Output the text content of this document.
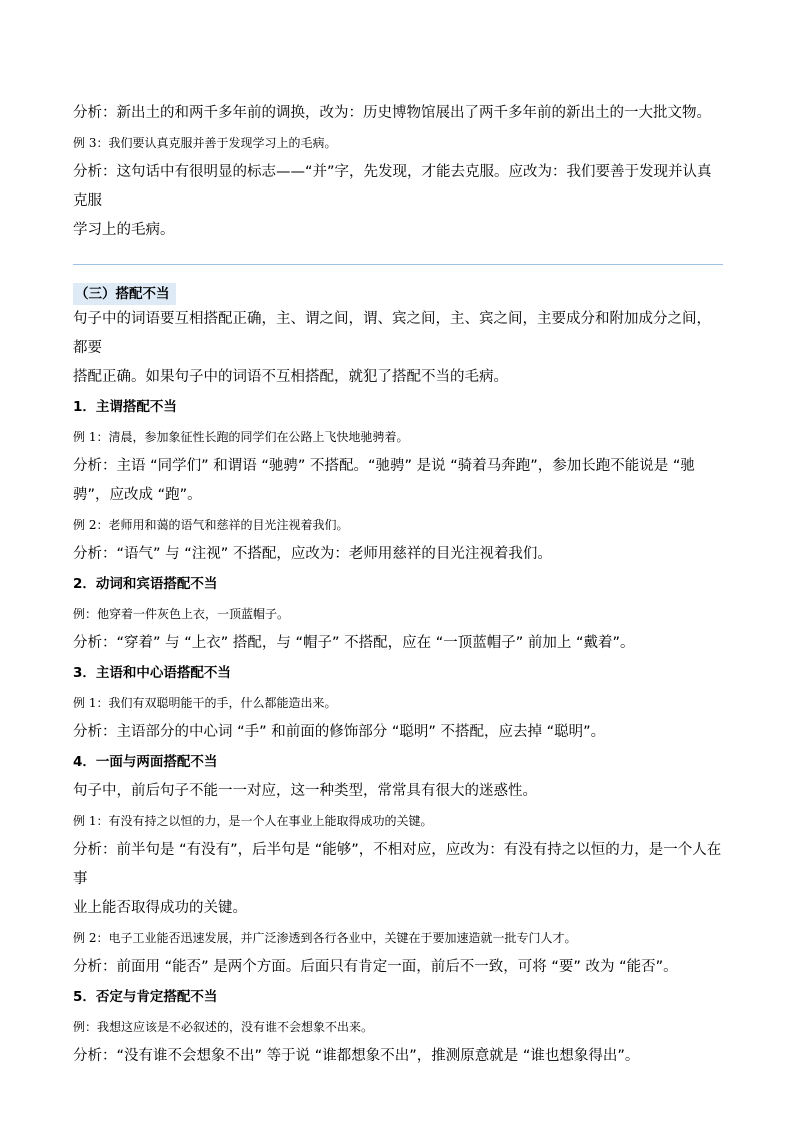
分析：新出土的和两千多年前的调换，改为：历史博物馆展出了两千多年前的新出土的一大批文物。

例 3：我们要认真克服并善于发现学习上的毛病。

分析：这句话中有很明显的标志——“并”字，先发现，才能去克服。应改为：我们要善于发现并认真克服

学习上的毛病。

（三）搭配不当

句子中的词语要互相搭配正确，主、谓之间，谓、宾之间，主、宾之间，主要成分和附加成分之间，都要

搭配正确。如果句子中的词语不互相搭配，就犯了搭配不当的毛病。

1．主谓搭配不当

例 1：清晨，参加象征性长跑的同学们在公路上飞快地驰骋着。

分析：主语 “同学们” 和谓语 “驰骋” 不搭配。“驰骋” 是说 “骑着马奔跑”，参加长跑不能说是 “驰

骋”，应改成 “跑”。

例 2：老师用和蔼的语气和慈祥的目光注视着我们。

分析：“语气” 与 “注视” 不搭配，应改为：老师用慈祥的目光注视着我们。

2．动词和宾语搭配不当

例：他穿着一件灰色上衣，一顶蓝帽子。

分析：“穿着” 与 “上衣” 搭配，与 “帽子” 不搭配，应在 “一顶蓝帽子” 前加上 “戴着”。

3．主语和中心语搭配不当

例 1：我们有双聪明能干的手，什么都能造出来。

分析：主语部分的中心词 “手” 和前面的修饰部分 “聪明” 不搭配，应去掉 “聪明”。

4．一面与两面搭配不当

句子中，前后句子不能一一对应，这一种类型，常常具有很大的迷惑性。

例 1：有没有持之以恒的力，是一个人在事业上能取得成功的关键。

分析：前半句是 “有没有”，后半句是 “能够”，不相对应，应改为：有没有持之以恒的力，是一个人在事

业上能否取得成功的关键。

例 2：电子工业能否迅速发展，并广泛渗透到各行各业中，关键在于要加速造就一批专门人才。

分析：前面用 “能否” 是两个方面。后面只有肯定一面，前后不一致，可将 “要” 改为 “能否”。

5．否定与肯定搭配不当

例：我想这应该是不必叙述的，没有谁不会想象不出来。

分析：“没有谁不会想象不出” 等于说 “谁都想象不出”，推测原意就是 “谁也想象得出”。
